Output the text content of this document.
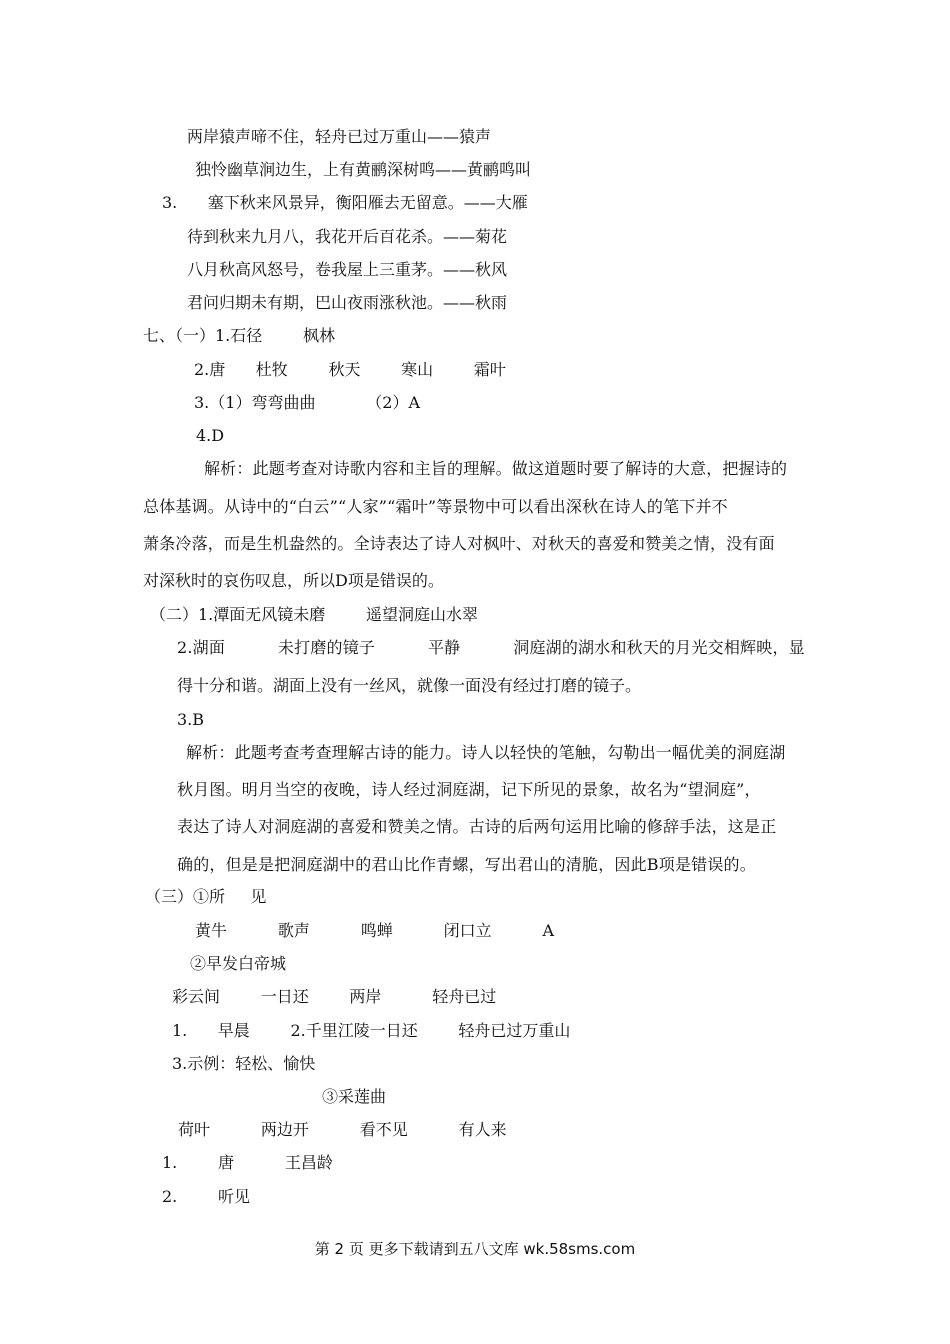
两岸猿声啼不住，轻舟已过万重山——猿声
独怜幽草涧边生，上有黄鹂深树鸣——黄鹂鸣叫
3.      塞下秋来风景异，衡阳雁去无留意。——大雁
待到秋来九月八，我花开后百花杀。——菊花
八月秋高风怒号，卷我屋上三重茅。——秋风
君问归期未有期，巴山夜雨涨秋池。——秋雨
七、（一）1.石径        枫林
2.唐      杜牧        秋天        寒山        霜叶
3.（1）弯弯曲曲          （2）A
4.D
解析：此题考查对诗歌内容和主旨的理解。做这道题时要了解诗的大意，把握诗的
总体基调。从诗中的“白云”“人家”“霜叶”等景物中可以看出深秋在诗人的笔下并不
萧条冷落，而是生机盎然的。全诗表达了诗人对枫叶、对秋天的喜爱和赞美之情，没有面
对深秋时的哀伤叹息，所以D项是错误的。
（二）1.潭面无风镜未磨        遥望洞庭山水翠
2.湖面          未打磨的镜子          平静          洞庭湖的湖水和秋天的月光交相辉映，显
得十分和谐。湖面上没有一丝风，就像一面没有经过打磨的镜子。
3.B
解析：此题考查考查理解古诗的能力。诗人以轻快的笔触，勾勒出一幅优美的洞庭湖
秋月图。明月当空的夜晚，诗人经过洞庭湖，记下所见的景象，故名为“望洞庭”，
表达了诗人对洞庭湖的喜爱和赞美之情。古诗的后两句运用比喻的修辞手法，这是正
确的，但是是把洞庭湖中的君山比作青螺，写出君山的清脆，因此B项是错误的。
（三）①所     见
黄牛          歌声          鸣蝉          闭口立          A
②早发白帝城
彩云间        一日还        两岸          轻舟已过
1.      早晨        2.千里江陵一日还        轻舟已过万重山
3.示例：轻松、愉快
③采莲曲
荷叶          两边开          看不见          有人来
1.        唐          王昌龄
2.        听见
第 2 页 更多下载请到五八文库 wk.58sms.com
